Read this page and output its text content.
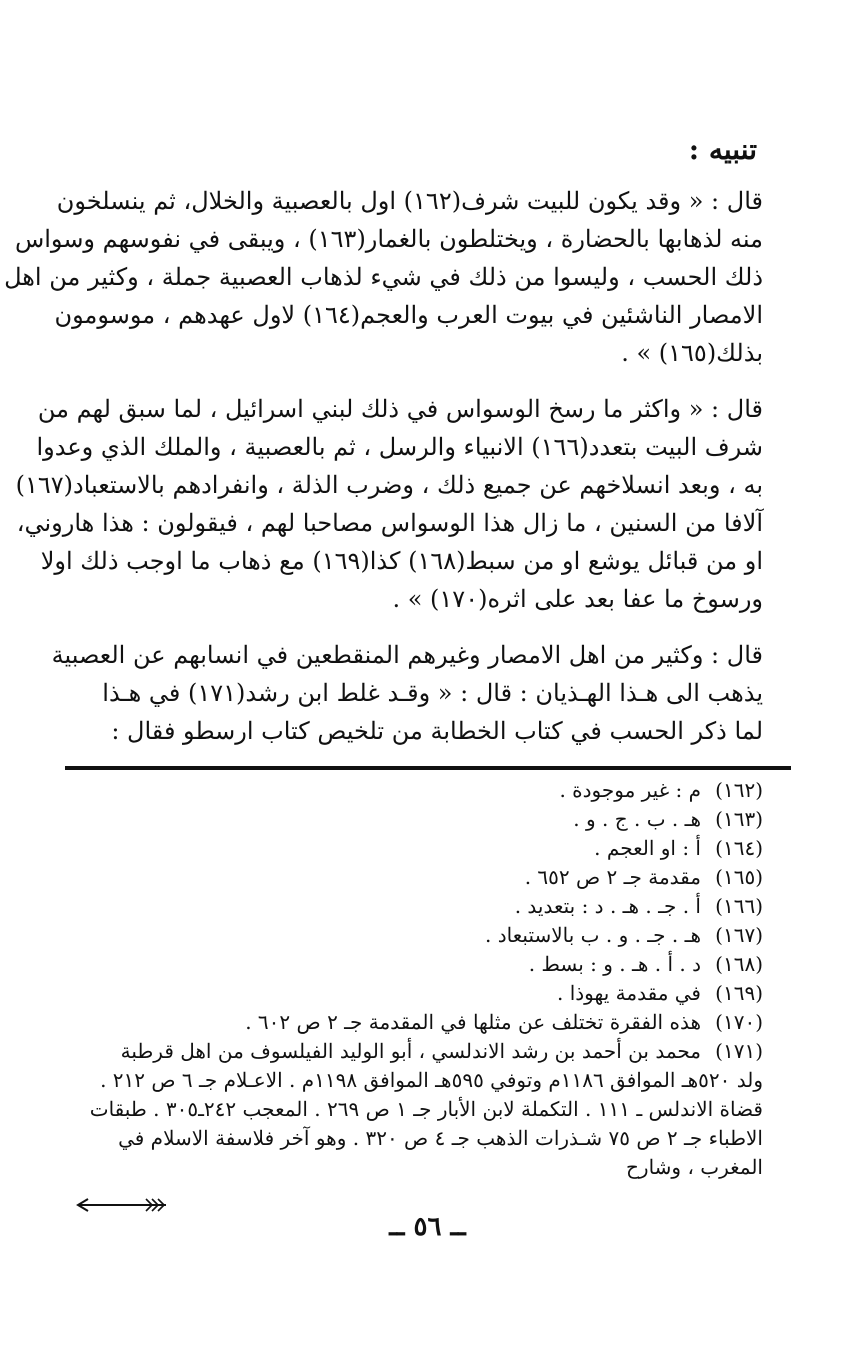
تنبيه :
قال : « وقد يكون للبيت شرف(١٦٢) اول بالعصبية والخلال، ثم ينسلخون
منه لذهابها بالحضارة ، ويختلطون بالغمار(١٦٣) ، ويبقى في نفوسهم وسواس
ذلك الحسب ، وليسوا من ذلك في شيء لذهاب العصبية جملة ، وكثير من اهل
الامصار الناشئين في بيوت العرب والعجم(١٦٤) لاول عهدهم ، موسومون
بذلك(١٦٥) » .
قال : « واكثر ما رسخ الوسواس في ذلك لبني اسرائيل ، لما سبق لهم من
شرف البيت بتعدد(١٦٦) الانبياء والرسل ، ثم بالعصبية ، والملك الذي وعدوا
به ، وبعد انسلاخهم عن جميع ذلك ، وضرب الذلة ، وانفرادهم بالاستعباد(١٦٧)
آلافا من السنين ، ما زال هذا الوسواس مصاحبا لهم ، فيقولون : هذا هاروني،
او من قبائل يوشع او من سبط(١٦٨) كذا(١٦٩) مع ذهاب ما اوجب ذلك اولا
ورسوخ ما عفا بعد على اثره(١٧٠) » .
قال : وكثير من اهل الامصار وغيرهم المنقطعين في انسابهم عن العصبية
يذهب الى هـذا الهـذيان : قال : « وقـد غلط ابن رشد(١٧١) في هـذا
لما ذكر الحسب في كتاب الخطابة من تلخيص كتاب ارسطو فقال :
(١٦٢)
م : غير موجودة .
(١٦٣)
هـ . ب . ج . و .
(١٦٤)
أ : او العجم .
(١٦٥)
مقدمة جـ ٢ ص ٦٥٢ .
(١٦٦)
أ . جـ . هـ . د : بتعديد .
(١٦٧)
هـ . جـ . و . ب بالاستبعاد .
(١٦٨)
د . أ . هـ . و : بسط .
(١٦٩)
في مقدمة يهوذا .
(١٧٠)
هذه الفقرة تختلف عن مثلها في المقدمة جـ ٢ ص ٦٠٢ .
(١٧١)
محمد بن أحمد بن رشد الاندلسي ، أبو الوليد الفيلسوف من اهل قرطبة
ولد ٥٢٠هـ الموافق ١١٨٦م وتوفي ٥٩٥هـ الموافق ١١٩٨م . الاعـلام جـ ٦ ص ٢١٢ . قضاة الاندلس ـ ١١١ . التكملة لابن الأبار جـ ١ ص ٢٦٩ . المعجب ٢٤٢ـ٣٠٥ . طبقات الاطباء جـ ٢ ص ٧٥ شـذرات الذهب جـ ٤ ص ٣٢٠ . وهو آخر فلاسفة الاسلام في المغرب ، وشارح
ــ ٥٦ ــ
